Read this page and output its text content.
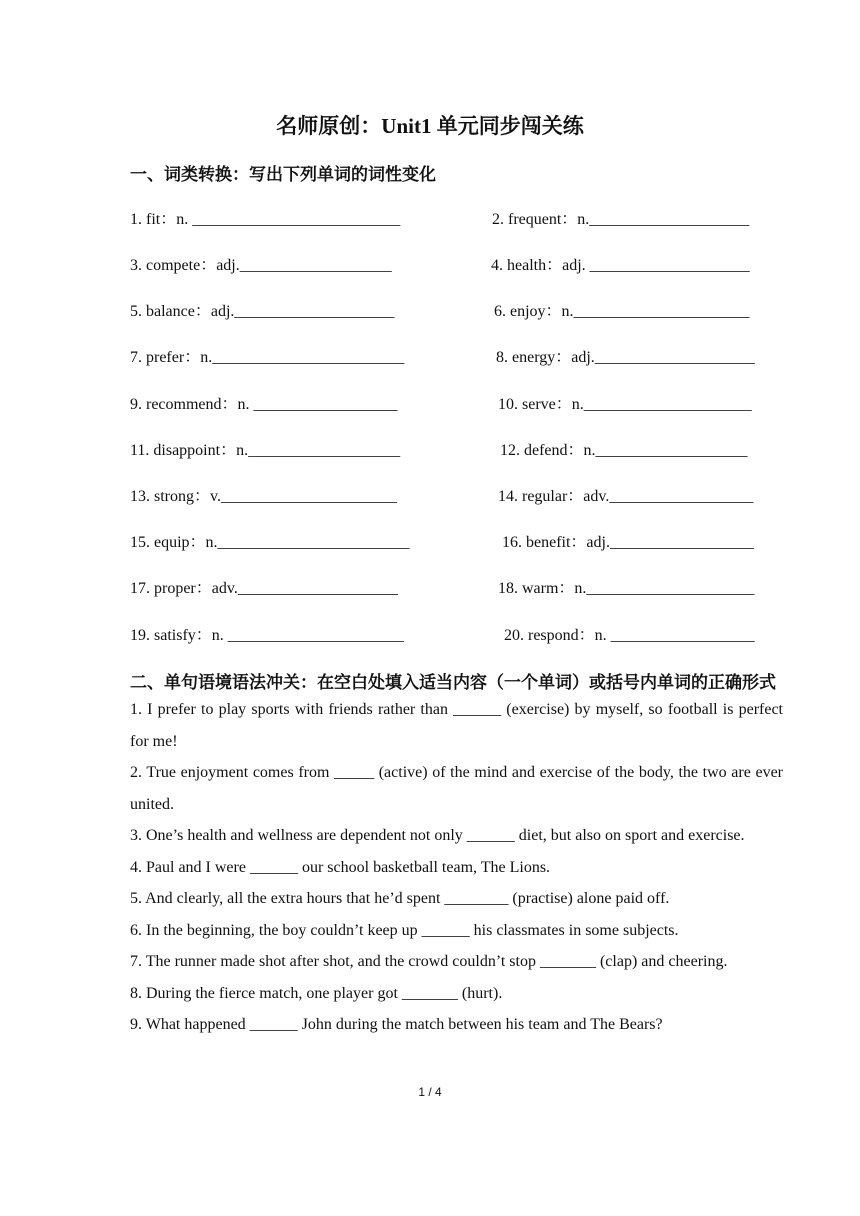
名师原创：Unit1 单元同步闯关练
一、词类转换：写出下列单词的词性变化
1. fit：n. __________________________	2. frequent：n.____________________
3. compete：adj.___________________	4. health：adj. ____________________
5. balance：adj.____________________	6. enjoy：n.______________________
7. prefer：n.________________________	8. energy：adj.____________________
9. recommend：n. __________________	10. serve：n._____________________
11. disappoint：n.___________________	12. defend：n.___________________
13. strong：v.______________________	14. regular：adv.__________________
15. equip：n.________________________	16. benefit：adj.__________________
17. proper：adv.____________________	18. warm：n._____________________
19. satisfy：n. ______________________	20. respond：n. __________________
二、单句语境语法冲关：在空白处填入适当内容（一个单词）或括号内单词的正确形式

1. I prefer to play sports with friends rather than ______ (exercise) by myself, so football is perfect for me!

2. True enjoyment comes from _____ (active) of the mind and exercise of the body, the two are ever united.

3. One’s health and wellness are dependent not only ______ diet, but also on sport and exercise.

4. Paul and I were ______ our school basketball team, The Lions.

5. And clearly, all the extra hours that he’d spent ________ (practise) alone paid off.

6. In the beginning, the boy couldn’t keep up ______ his classmates in some subjects.

7. The runner made shot after shot, and the crowd couldn’t stop _______ (clap) and cheering.

8. During the fierce match, one player got _______ (hurt).

9. What happened ______ John during the match between his team and The Bears?

1 / 4
